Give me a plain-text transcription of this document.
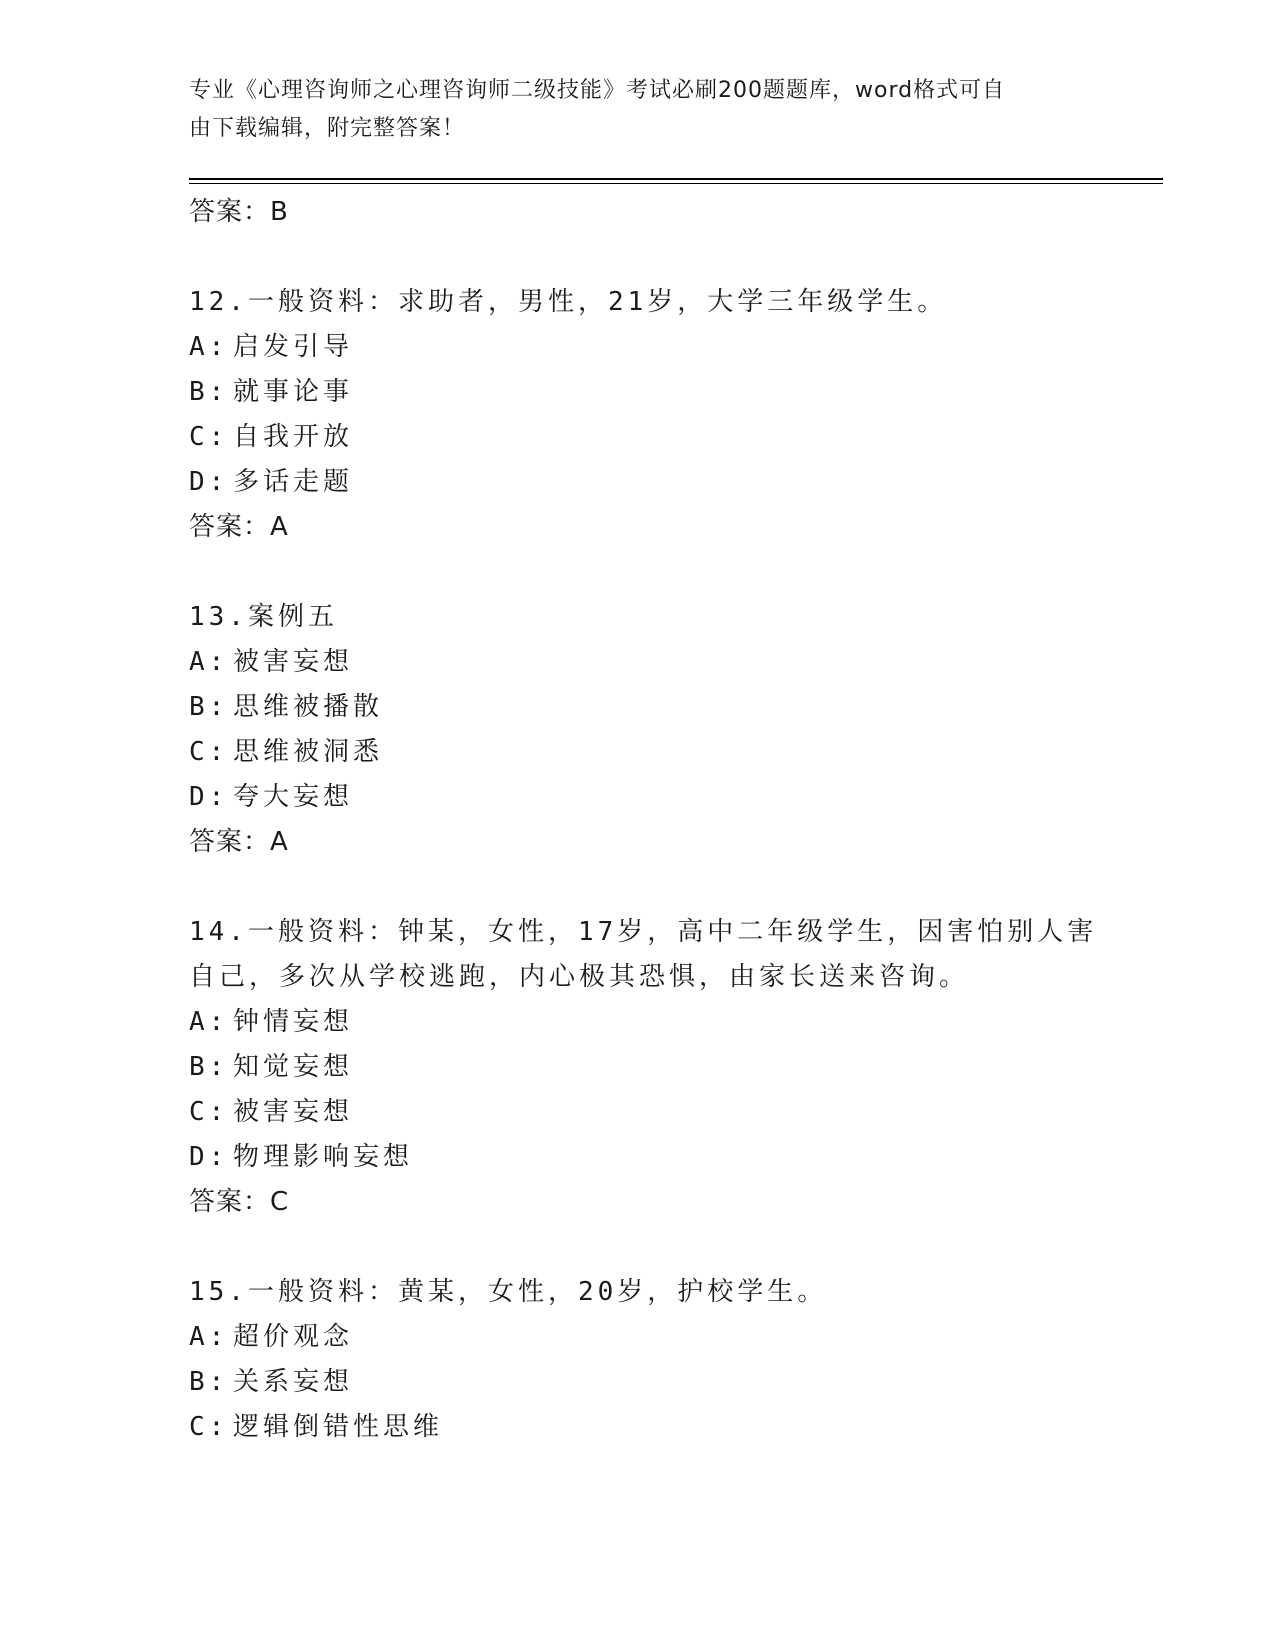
专业《心理咨询师之心理咨询师二级技能》考试必刷200题题库，word格式可自
由下载编辑，附完整答案！
答案：B
12.一般资料：求助者，男性，21岁，大学三年级学生。
A: 启发引导
B: 就事论事
C: 自我开放
D: 多话走题
答案：A
13.案例五
A: 被害妄想
B: 思维被播散
C: 思维被洞悉
D: 夸大妄想
答案：A
14.一般资料：钟某，女性，17岁，高中二年级学生，因害怕别人害自己，多次从学校逃跑，内心极其恐惧，由家长送来咨询。
A: 钟情妄想
B: 知觉妄想
C: 被害妄想
D: 物理影响妄想
答案：C
15.一般资料：黄某，女性，20岁，护校学生。
A: 超价观念
B: 关系妄想
C: 逻辑倒错性思维
